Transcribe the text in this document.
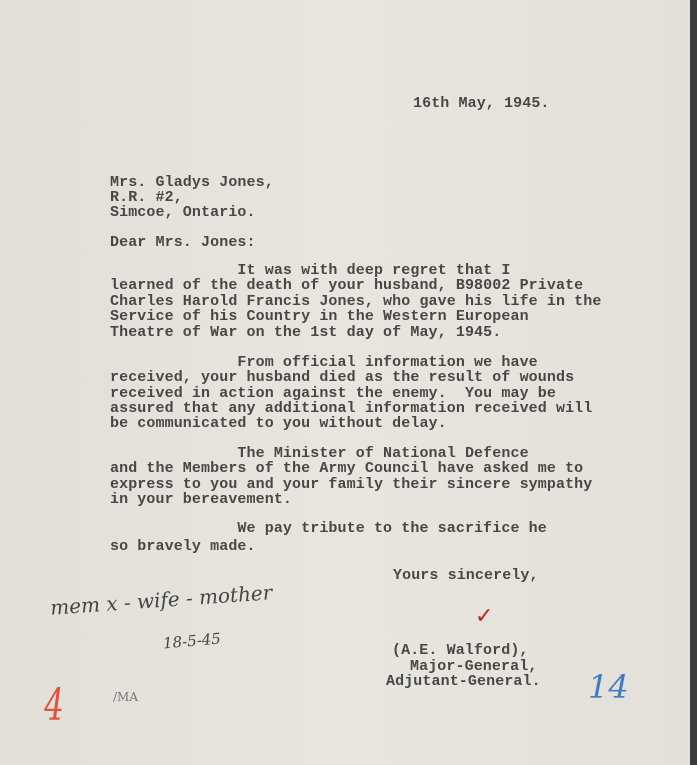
16th May, 1945.
Mrs. Gladys Jones,
R.R. #2,
Simcoe, Ontario.
Dear Mrs. Jones:
It was with deep regret that I
learned of the death of your husband, B98002 Private
Charles Harold Francis Jones, who gave his life in the
Service of his Country in the Western European
Theatre of War on the 1st day of May, 1945.
From official information we have
received, your husband died as the result of wounds
received in action against the enemy.  You may be
assured that any additional information received will
be communicated to you without delay.
The Minister of National Defence
and the Members of the Army Council have asked me to
express to you and your family their sincere sympathy
in your bereavement.
We pay tribute to the sacrifice he
so bravely made.
Yours sincerely,
✓
(A.E. Walford),
Major-General,
Adjutant-General.
mem x - wife - mother
18-5-45
/MA
4	14
